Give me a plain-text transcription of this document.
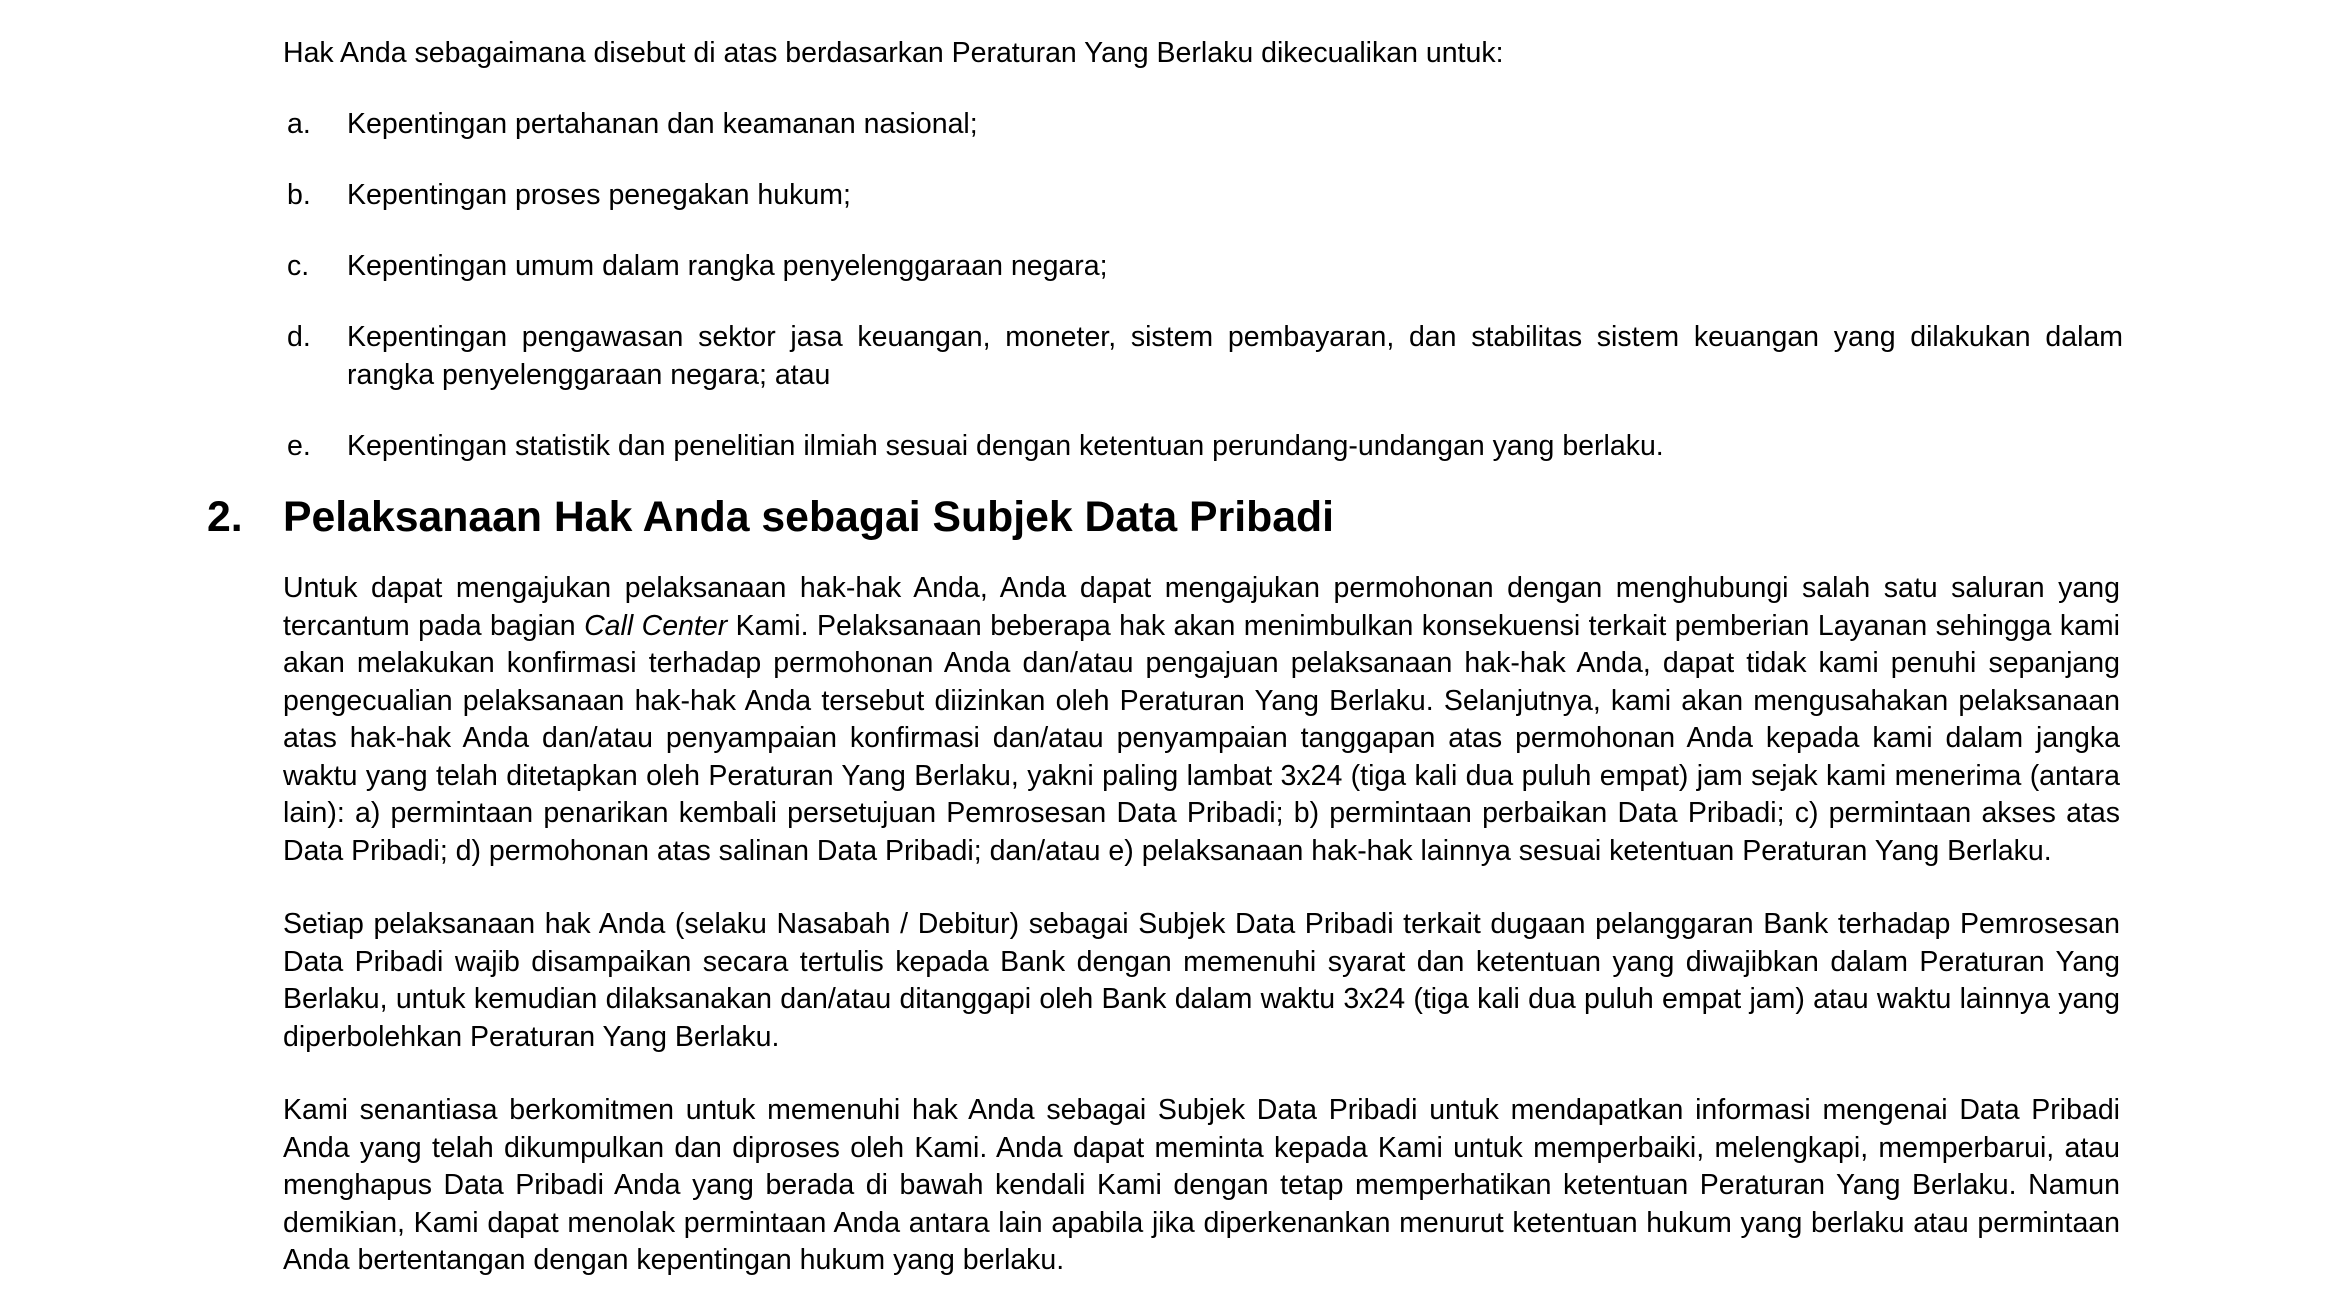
Hak Anda sebagaimana disebut di atas berdasarkan Peraturan Yang Berlaku dikecualikan untuk:

a. Kepentingan pertahanan dan keamanan nasional;
b. Kepentingan proses penegakan hukum;
c. Kepentingan umum dalam rangka penyelenggaraan negara;
d. Kepentingan pengawasan sektor jasa keuangan, moneter, sistem pembayaran, dan stabilitas sistem keuangan yang dilakukan dalam rangka penyelenggaraan negara; atau
e. Kepentingan statistik dan penelitian ilmiah sesuai dengan ketentuan perundang-undangan yang berlaku.
2. Pelaksanaan Hak Anda sebagai Subjek Data Pribadi

Untuk dapat mengajukan pelaksanaan hak-hak Anda, Anda dapat mengajukan permohonan dengan menghubungi salah satu saluran yang tercantum pada bagian Call Center Kami. Pelaksanaan beberapa hak akan menimbulkan konsekuensi terkait pemberian Layanan sehingga kami akan melakukan konfirmasi terhadap permohonan Anda dan/atau pengajuan pelaksanaan hak-hak Anda, dapat tidak kami penuhi sepanjang pengecualian pelaksanaan hak-hak Anda tersebut diizinkan oleh Peraturan Yang Berlaku. Selanjutnya, kami akan mengusahakan pelaksanaan atas hak-hak Anda dan/atau penyampaian konfirmasi dan/atau penyampaian tanggapan atas permohonan Anda kepada kami dalam jangka waktu yang telah ditetapkan oleh Peraturan Yang Berlaku, yakni paling lambat 3x24 (tiga kali dua puluh empat) jam sejak kami menerima (antara lain): a) permintaan penarikan kembali persetujuan Pemrosesan Data Pribadi; b) permintaan perbaikan Data Pribadi; c) permintaan akses atas Data Pribadi; d) permohonan atas salinan Data Pribadi; dan/atau e) pelaksanaan hak-hak lainnya sesuai ketentuan Peraturan Yang Berlaku.

Setiap pelaksanaan hak Anda (selaku Nasabah / Debitur) sebagai Subjek Data Pribadi terkait dugaan pelanggaran Bank terhadap Pemrosesan Data Pribadi wajib disampaikan secara tertulis kepada Bank dengan memenuhi syarat dan ketentuan yang diwajibkan dalam Peraturan Yang Berlaku, untuk kemudian dilaksanakan dan/atau ditanggapi oleh Bank dalam waktu 3x24 (tiga kali dua puluh empat jam) atau waktu lainnya yang diperbolehkan Peraturan Yang Berlaku.

Kami senantiasa berkomitmen untuk memenuhi hak Anda sebagai Subjek Data Pribadi untuk mendapatkan informasi mengenai Data Pribadi Anda yang telah dikumpulkan dan diproses oleh Kami. Anda dapat meminta kepada Kami untuk memperbaiki, melengkapi, memperbarui, atau menghapus Data Pribadi Anda yang berada di bawah kendali Kami dengan tetap memperhatikan ketentuan Peraturan Yang Berlaku. Namun demikian, Kami dapat menolak permintaan Anda antara lain apabila jika diperkenankan menurut ketentuan hukum yang berlaku atau permintaan Anda bertentangan dengan kepentingan hukum yang berlaku.
